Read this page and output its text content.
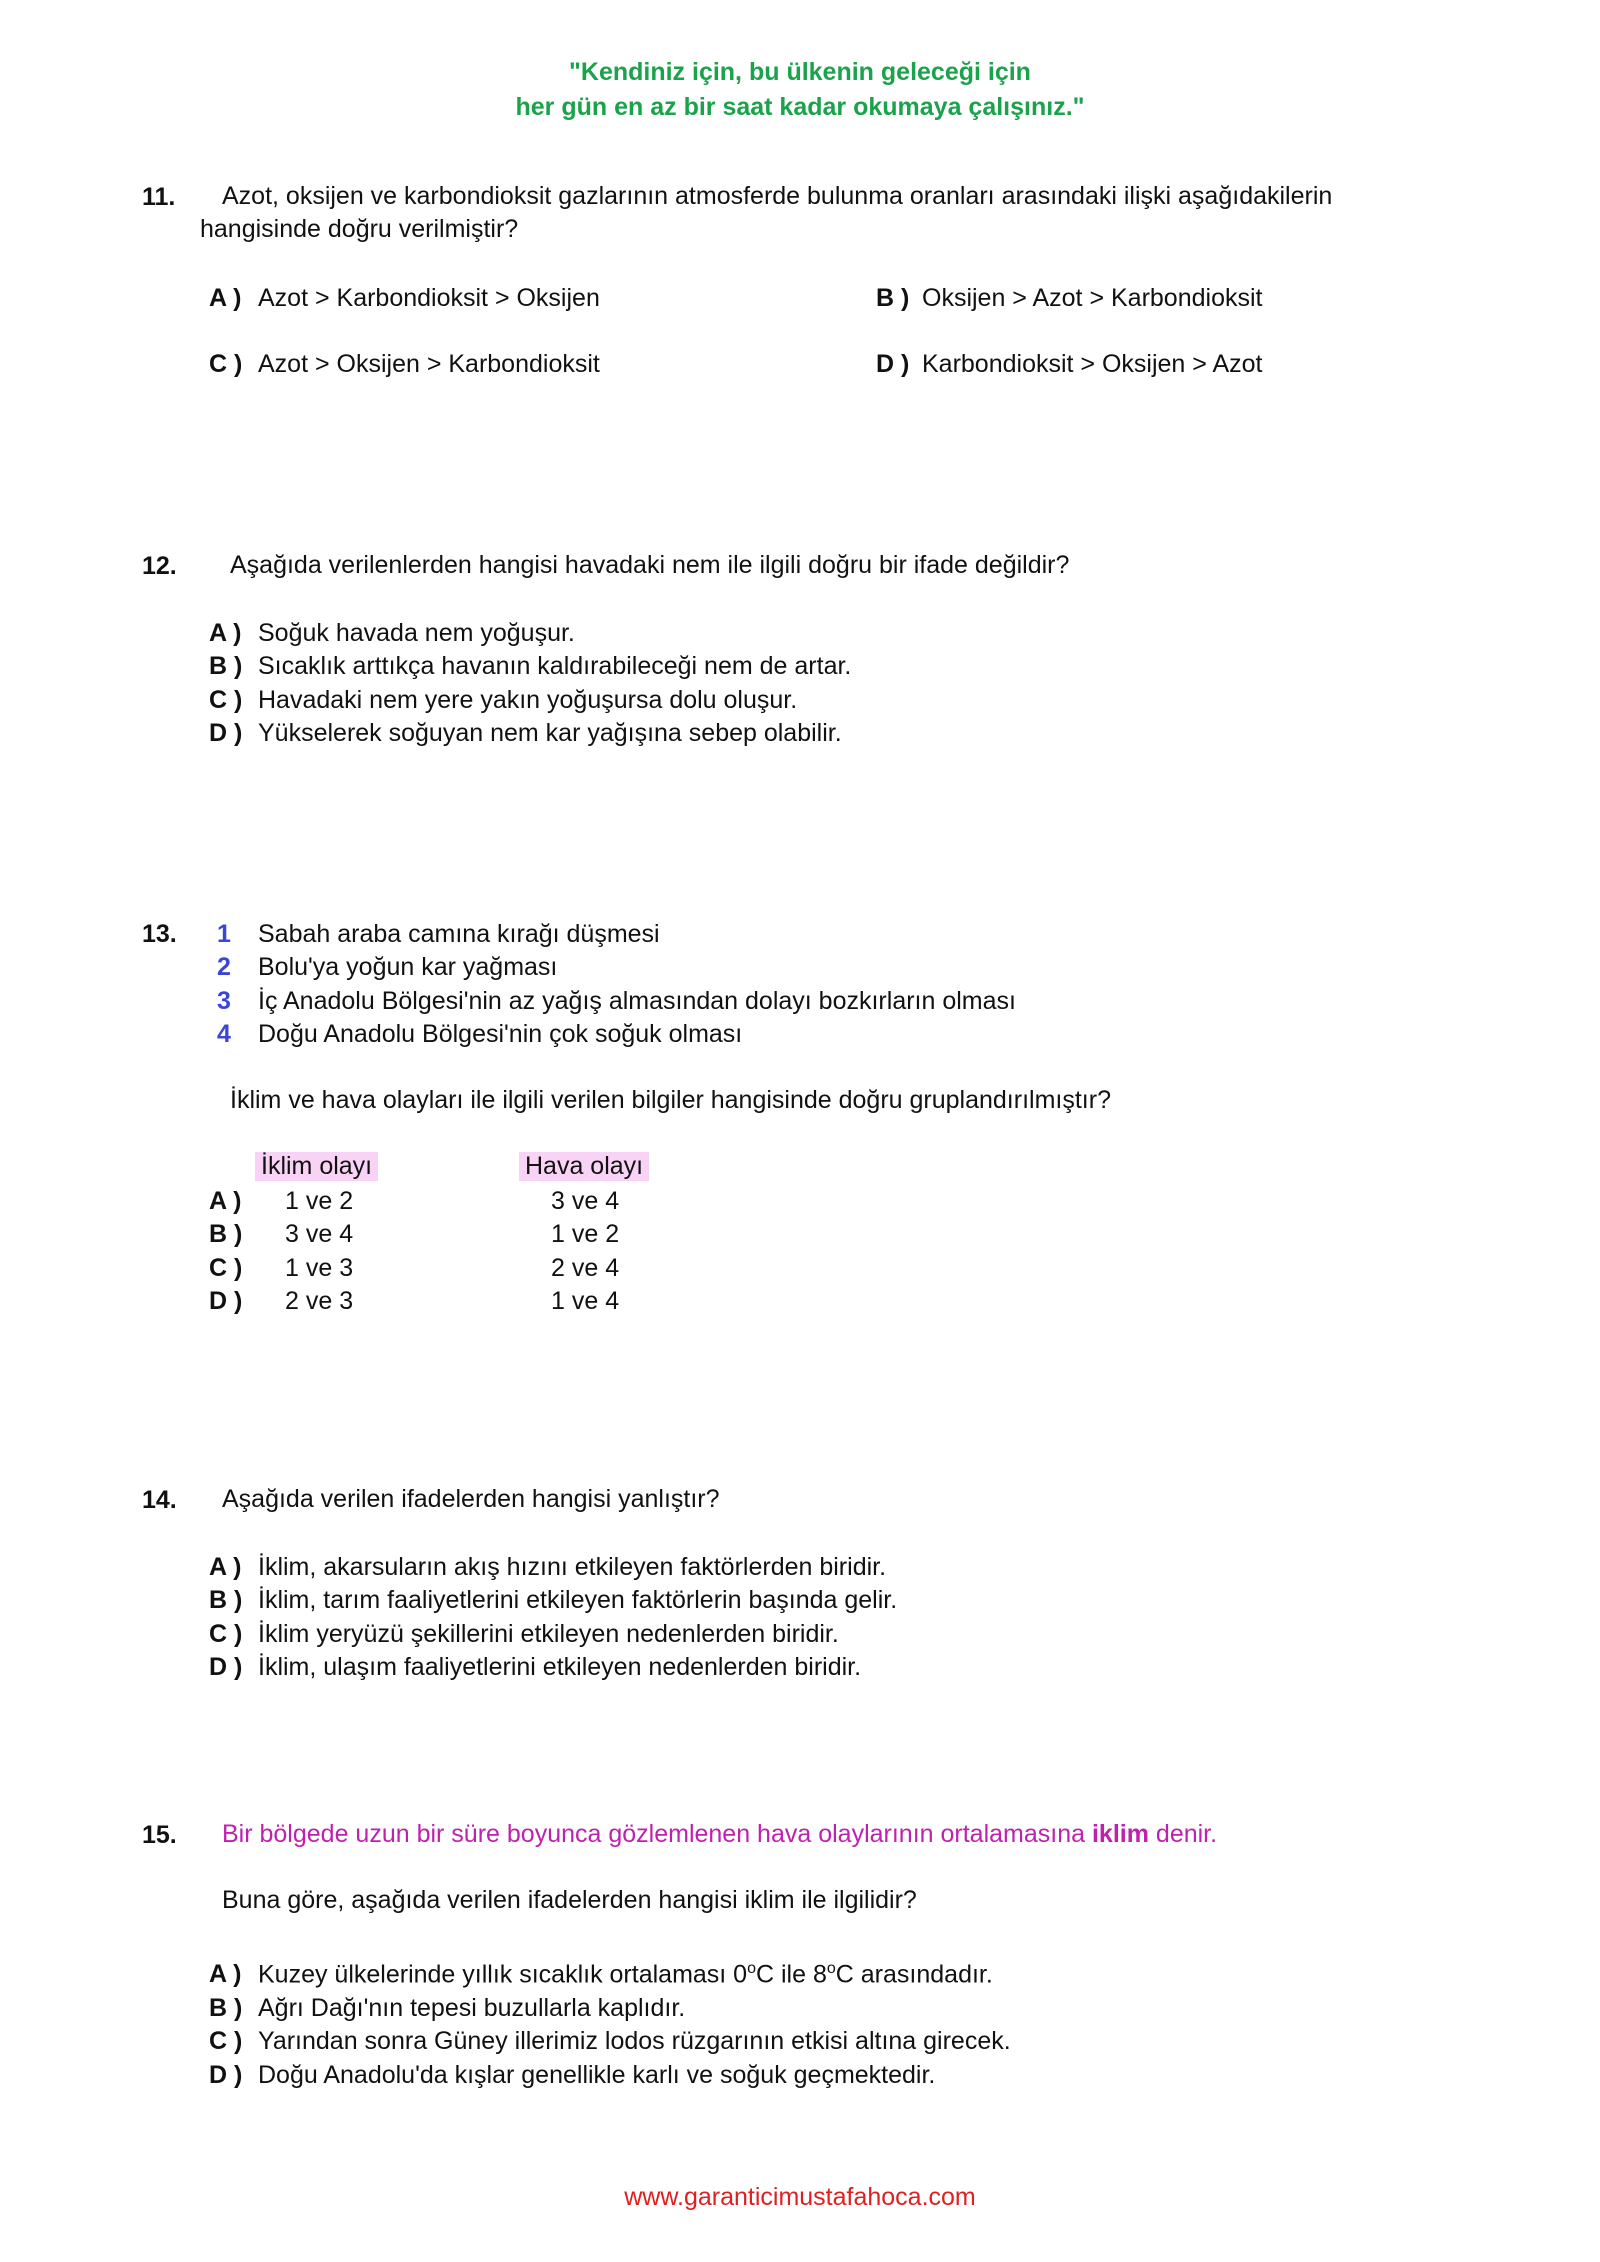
"Kendiniz için, bu ülkenin geleceği için
her gün en az bir saat kadar okumaya çalışınız."
11. Azot, oksijen ve karbondioksit gazlarının atmosferde bulunma oranları arasındaki ilişki aşağıdakilerin
hangisinde doğru verilmiştir?
A ) Azot > Karbondioksit > Oksijen	B ) Oksijen > Azot > Karbondioksit
C ) Azot > Oksijen > Karbondioksit	D ) Karbondioksit > Oksijen > Azot
12. Aşağıda verilenlerden hangisi havadaki nem ile ilgili doğru bir ifade değildir?
A ) Soğuk havada nem yoğuşur.
B ) Sıcaklık arttıkça havanın kaldırabileceği nem de artar.
C ) Havadaki nem yere yakın yoğuşursa dolu oluşur.
D ) Yükselerek soğuyan nem kar yağışına sebep olabilir.
13. 1 Sabah araba camına kırağı düşmesi
2 Bolu'ya yoğun kar yağması
3 İç Anadolu Bölgesi'nin az yağış almasından dolayı bozkırların olması
4 Doğu Anadolu Bölgesi'nin çok soğuk olması
İklim ve hava olayları ile ilgili verilen bilgiler hangisinde doğru gruplandırılmıştır?
İklim olayı	Hava olayı
A ) 1 ve 2	3 ve 4
B ) 3 ve 4	1 ve 2
C ) 1 ve 3	2 ve 4
D ) 2 ve 3	1 ve 4
14. Aşağıda verilen ifadelerden hangisi yanlıştır?
A ) İklim, akarsuların akış hızını etkileyen faktörlerden biridir.
B ) İklim, tarım faaliyetlerini etkileyen faktörlerin başında gelir.
C ) İklim yeryüzü şekillerini etkileyen nedenlerden biridir.
D ) İklim, ulaşım faaliyetlerini etkileyen nedenlerden biridir.
15. Bir bölgede uzun bir süre boyunca gözlemlenen hava olaylarının ortalamasına iklim denir.
Buna göre, aşağıda verilen ifadelerden hangisi iklim ile ilgilidir?
A ) Kuzey ülkelerinde yıllık sıcaklık ortalaması 0$^o$C ile 8$^o$C arasındadır.
B ) Ağrı Dağı'nın tepesi buzullarla kaplıdır.
C ) Yarından sonra Güney illerimiz lodos rüzgarının etkisi altına girecek.
D ) Doğu Anadolu'da kışlar genellikle karlı ve soğuk geçmektedir.
www.garanticimustafahoca.com
